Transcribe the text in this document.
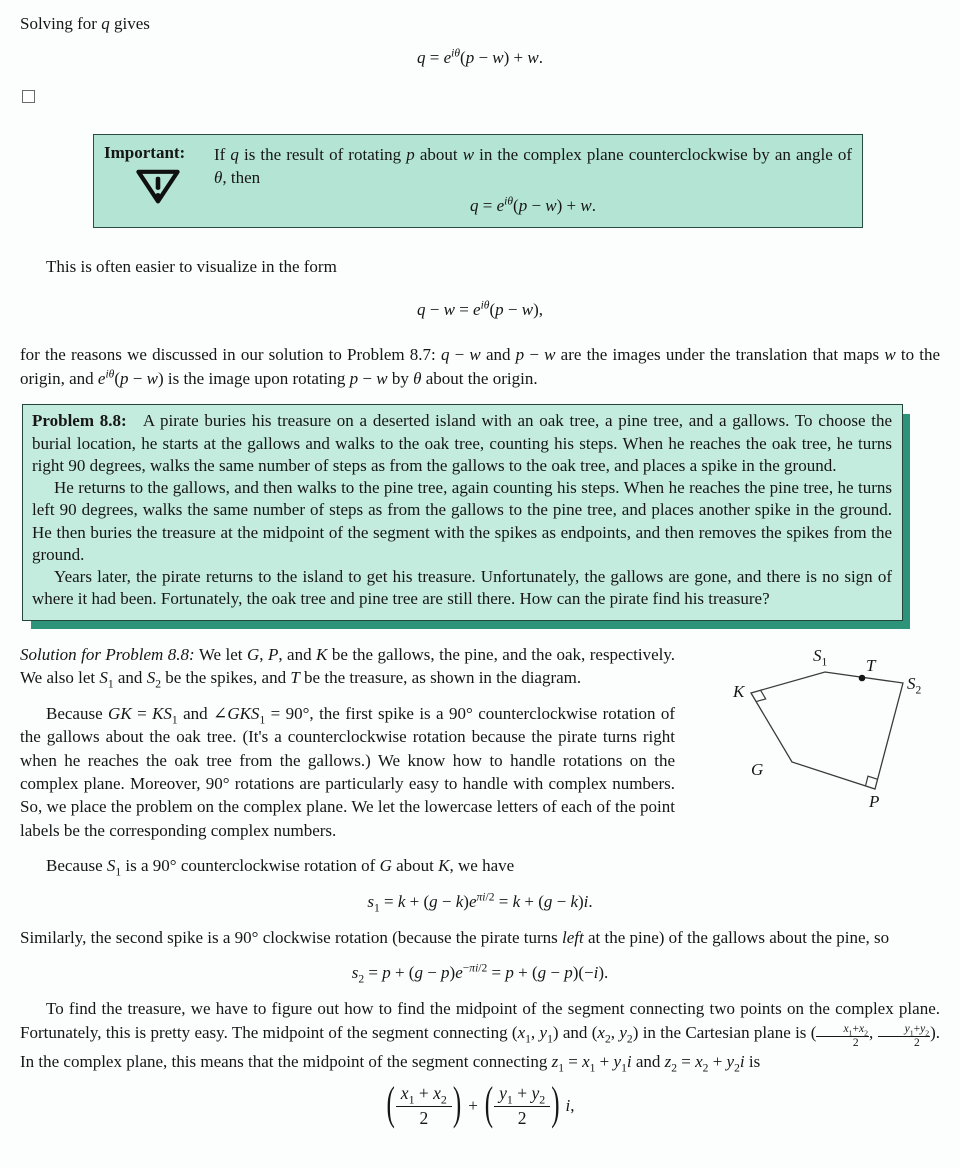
Solving for q gives

$q = e^{i\theta}(p - w) + w$.
Important:	If q is the result of rotating p about w in the complex plane counterclockwise by an angle of θ, then

$q = e^{i\theta}(p - w) + w$.

This is often easier to visualize in the form

$q - w = e^{i\theta}(p - w)$,

for the reasons we discussed in our solution to Problem 8.7: q − w and p − w are the images under the translation that maps w to the origin, and $e^{i\theta}(p - w)$ is the image upon rotating p − w by θ about the origin.

Problem 8.8: A pirate buries his treasure on a deserted island with an oak tree, a pine tree, and a gallows. To choose the burial location, he starts at the gallows and walks to the oak tree, counting his steps. When he reaches the oak tree, he turns right 90 degrees, walks the same number of steps as from the gallows to the oak tree, and places a spike in the ground.

He returns to the gallows, and then walks to the pine tree, again counting his steps. When he reaches the pine tree, he turns left 90 degrees, walks the same number of steps as from the gallows to the pine tree, and places another spike in the ground. He then buries the treasure at the midpoint of the segment with the spikes as endpoints, and then removes the spikes from the ground.

Years later, the pirate returns to the island to get his treasure. Unfortunately, the gallows are gone, and there is no sign of where it had been. Fortunately, the oak tree and pine tree are still there. How can the pirate find his treasure?

K
$S_1$ T
$S_2$
G
P

Solution for Problem 8.8: We let G, P, and K be the gallows, the pine, and the oak, respectively. We also let $S_1$ and $S_2$ be the spikes, and T be the treasure, as shown in the diagram.

Because GK = $KS_1$ and $\angle GKS_1 = 90^\circ$, the first spike is a 90° counterclockwise rotation of the gallows about the oak tree. (It's a counterclockwise rotation because the pirate turns right when he reaches the oak tree from the gallows.) We know how to handle rotations on the complex plane. Moreover, 90° rotations are particularly easy to handle with complex numbers. So, we place the problem on the complex plane. We let the lowercase letters of each of the point labels be the corresponding complex numbers.

Because $S_1$ is a 90° counterclockwise rotation of G about K, we have

$s_1 = k + (g - k)e^{\pi i/2} = k + (g - k)i$.

Similarly, the second spike is a 90° clockwise rotation (because the pirate turns left at the pine) of the gallows about the pine, so

$s_2 = p + (g - p)e^{-\pi i/2} = p + (g - p)(-i)$.

To find the treasure, we have to figure out how to find the midpoint of the segment connecting two points on the complex plane. Fortunately, this is pretty easy. The midpoint of the segment connecting ($x_1$, $y_1$) and ($x_2$, $y_2$) in the Cartesian plane is ( $\frac{x_1+x_2}{2}$ , $\frac{y_1+y_2}{2}$ ). In the complex plane, this means that the midpoint of the segment connecting $z_1 = x_1 + y_1i$ and $z_2 = x_2 + y_2i$ is

( $\frac{x_1 + x_2}{2}$ ) + ( $\frac{y_1 + y_2}{2}$ ) i,
